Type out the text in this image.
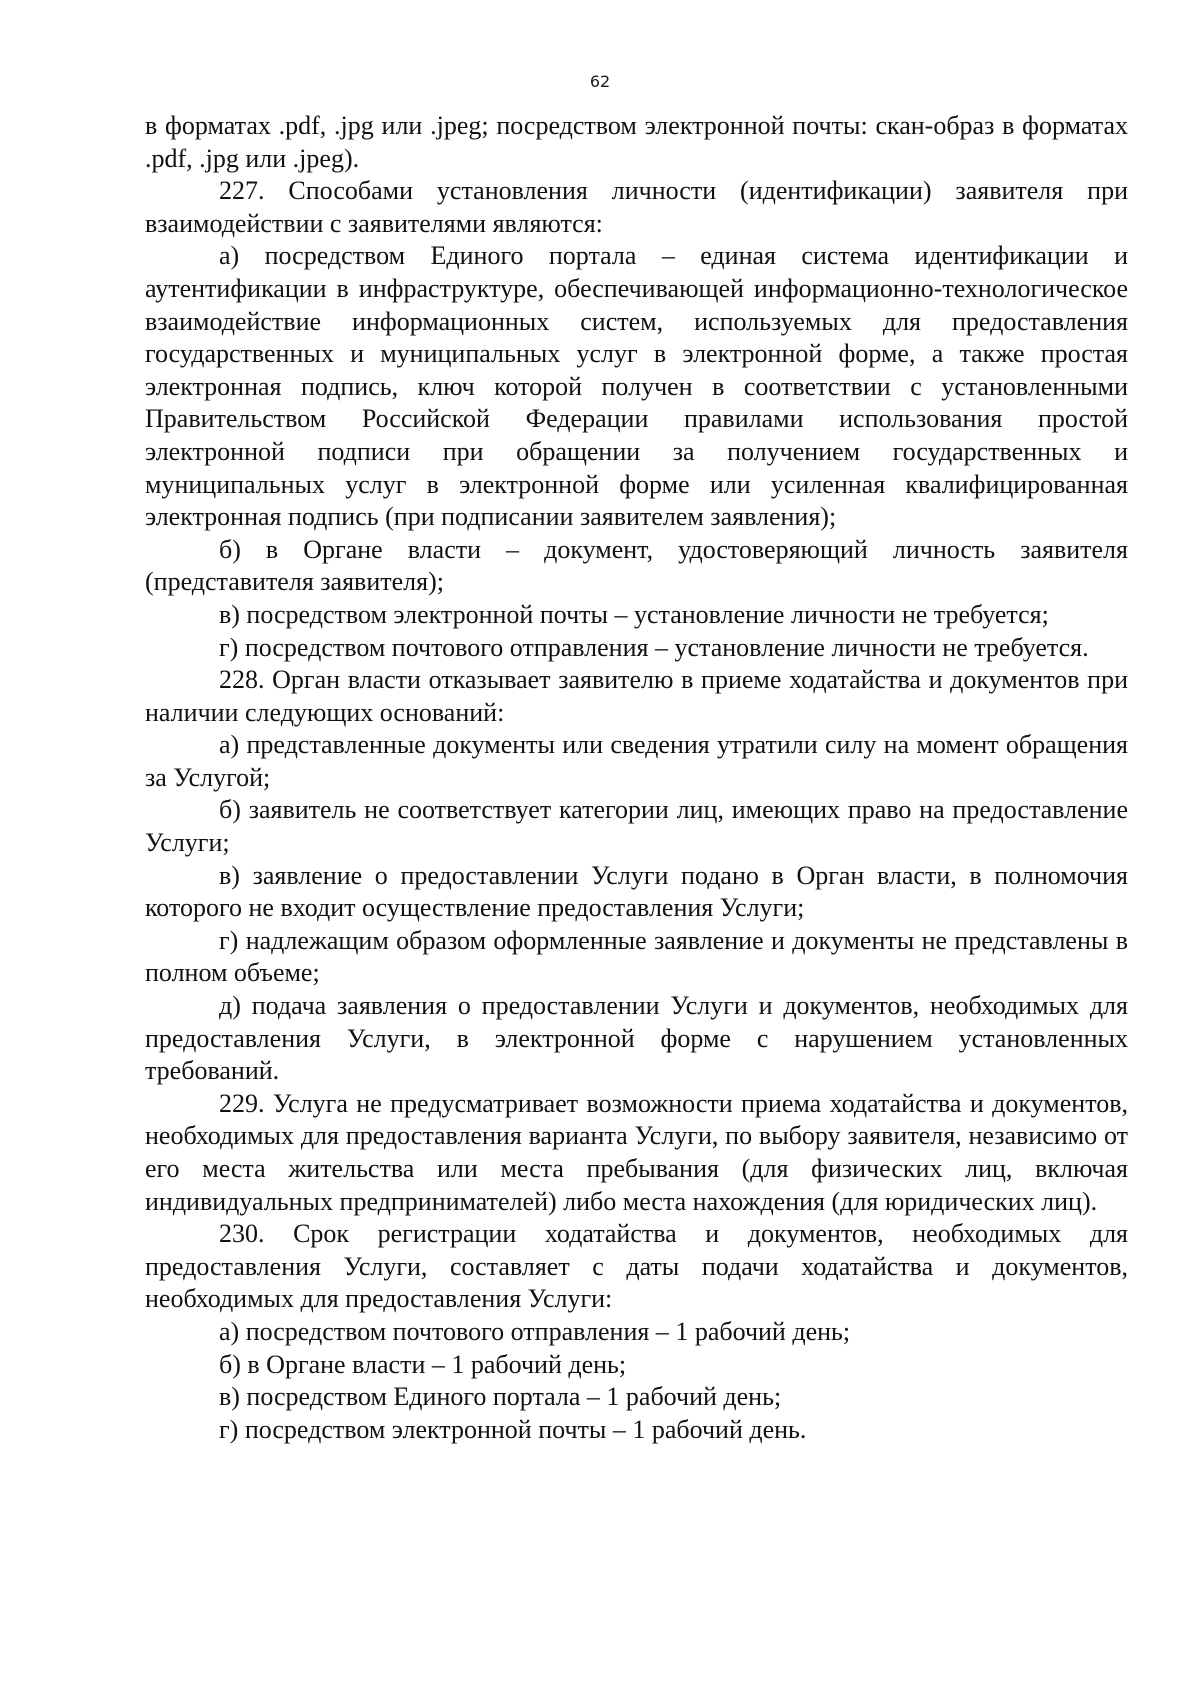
62

в форматах .pdf, .jpg или .jpeg; посредством электронной почты: скан-образ в форматах .pdf, .jpg или .jpeg).

227. Способами установления личности (идентификации) заявителя при взаимодействии с заявителями являются:

а) посредством Единого портала – единая система идентификации и аутентификации в инфраструктуре, обеспечивающей информационно-технологическое взаимодействие информационных систем, используемых для предоставления государственных и муниципальных услуг в электронной форме, а также простая электронная подпись, ключ которой получен в соответствии с установленными Правительством Российской Федерации правилами использования простой электронной подписи при обращении за получением государственных и муниципальных услуг в электронной форме или усиленная квалифицированная электронная подпись (при подписании заявителем заявления);

б) в Органе власти – документ, удостоверяющий личность заявителя (представителя заявителя);

в) посредством электронной почты – установление личности не требуется;

г) посредством почтового отправления – установление личности не требуется.

228. Орган власти отказывает заявителю в приеме ходатайства и документов при наличии следующих оснований:

а) представленные документы или сведения утратили силу на момент обращения за Услугой;

б) заявитель не соответствует категории лиц, имеющих право на предоставление Услуги;

в) заявление о предоставлении Услуги подано в Орган власти, в полномочия которого не входит осуществление предоставления Услуги;

г) надлежащим образом оформленные заявление и документы не представлены в полном объеме;

д) подача заявления о предоставлении Услуги и документов, необходимых для предоставления Услуги, в электронной форме с нарушением установленных требований.

229. Услуга не предусматривает возможности приема ходатайства и документов, необходимых для предоставления варианта Услуги, по выбору заявителя, независимо от его места жительства или места пребывания (для физических лиц, включая индивидуальных предпринимателей) либо места нахождения (для юридических лиц).

230. Срок регистрации ходатайства и документов, необходимых для предоставления Услуги, составляет с даты подачи ходатайства и документов, необходимых для предоставления Услуги:

а) посредством почтового отправления – 1 рабочий день;

б) в Органе власти – 1 рабочий день;

в) посредством Единого портала – 1 рабочий день;

г) посредством электронной почты – 1 рабочий день.
